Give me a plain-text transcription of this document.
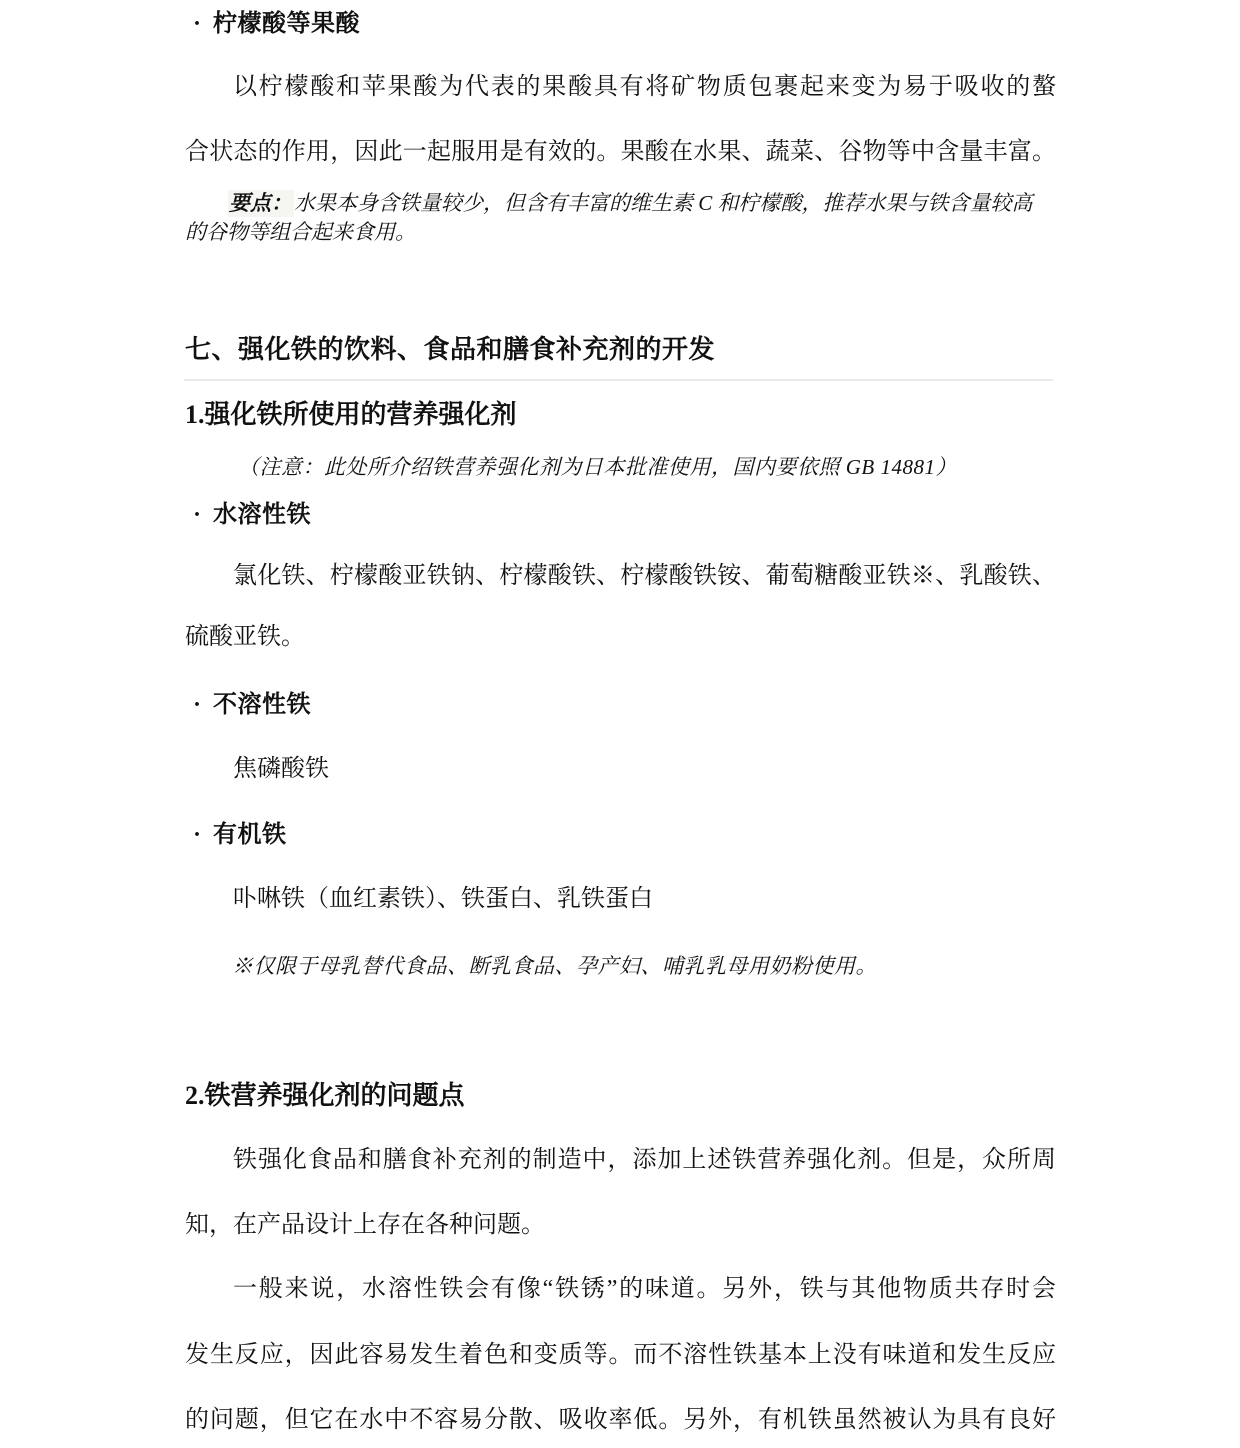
· 柠檬酸等果酸
以柠檬酸和苹果酸为代表的果酸具有将矿物质包裹起来变为易于吸收的螯
合状态的作用，因此一起服用是有效的。果酸在水果、蔬菜、谷物等中含量丰富。
要点：水果本身含铁量较少，但含有丰富的维生素 C 和柠檬酸，推荐水果与铁含量较高
的谷物等组合起来食用。
七、强化铁的饮料、食品和膳食补充剂的开发
1.强化铁所使用的营养强化剂
（注意：此处所介绍铁营养强化剂为日本批准使用，国内要依照 GB 14881）
· 水溶性铁
氯化铁、柠檬酸亚铁钠、柠檬酸铁、柠檬酸铁铵、葡萄糖酸亚铁※、乳酸铁、
硫酸亚铁。
· 不溶性铁
焦磷酸铁
· 有机铁
卟啉铁（血红素铁）、铁蛋白、乳铁蛋白
※仅限于母乳替代食品、断乳食品、孕产妇、哺乳乳母用奶粉使用。
2.铁营养强化剂的问题点
铁强化食品和膳食补充剂的制造中，添加上述铁营养强化剂。但是，众所周
知，在产品设计上存在各种问题。
一般来说，水溶性铁会有像“铁锈”的味道。另外，铁与其他物质共存时会
发生反应，因此容易发生着色和变质等。而不溶性铁基本上没有味道和发生反应
的问题，但它在水中不容易分散、吸收率低。另外，有机铁虽然被认为具有良好
